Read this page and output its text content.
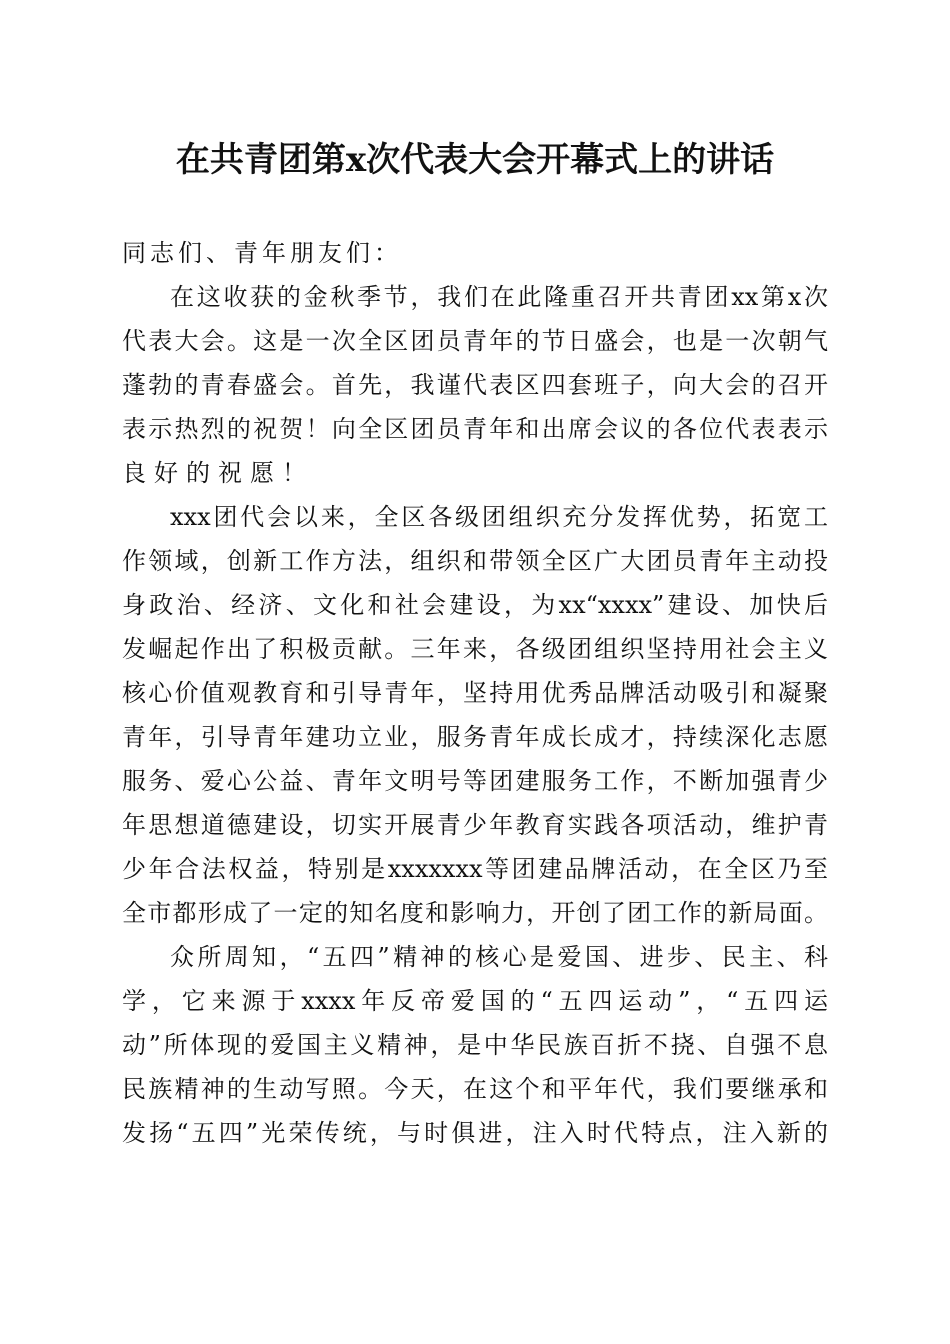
在共青团第x次代表大会开幕式上的讲话
同志们、青年朋友们：
在这收获的金秋季节，我们在此隆重召开共青团xx第x次
代表大会。这是一次全区团员青年的节日盛会，也是一次朝气
蓬勃的青春盛会。首先，我谨代表区四套班子，向大会的召开
表示热烈的祝贺！向全区团员青年和出席会议的各位代表表示
良好的祝愿！
xxx团代会以来，全区各级团组织充分发挥优势，拓宽工
作领域，创新工作方法，组织和带领全区广大团员青年主动投
身政治、经济、文化和社会建设，为xx“xxxx”建设、加快后
发崛起作出了积极贡献。三年来，各级团组织坚持用社会主义
核心价值观教育和引导青年，坚持用优秀品牌活动吸引和凝聚
青年，引导青年建功立业，服务青年成长成才，持续深化志愿
服务、爱心公益、青年文明号等团建服务工作，不断加强青少
年思想道德建设，切实开展青少年教育实践各项活动，维护青
少年合法权益，特别是xxxxxxx等团建品牌活动，在全区乃至
全市都形成了一定的知名度和影响力，开创了团工作的新局面。
众所周知，“五四”精神的核心是爱国、进步、民主、科
学，它来源于xxxx年反帝爱国的“五四运动”，“五四运
动”所体现的爱国主义精神，是中华民族百折不挠、自强不息
民族精神的生动写照。今天，在这个和平年代，我们要继承和
发扬“五四”光荣传统，与时俱进，注入时代特点，注入新的
